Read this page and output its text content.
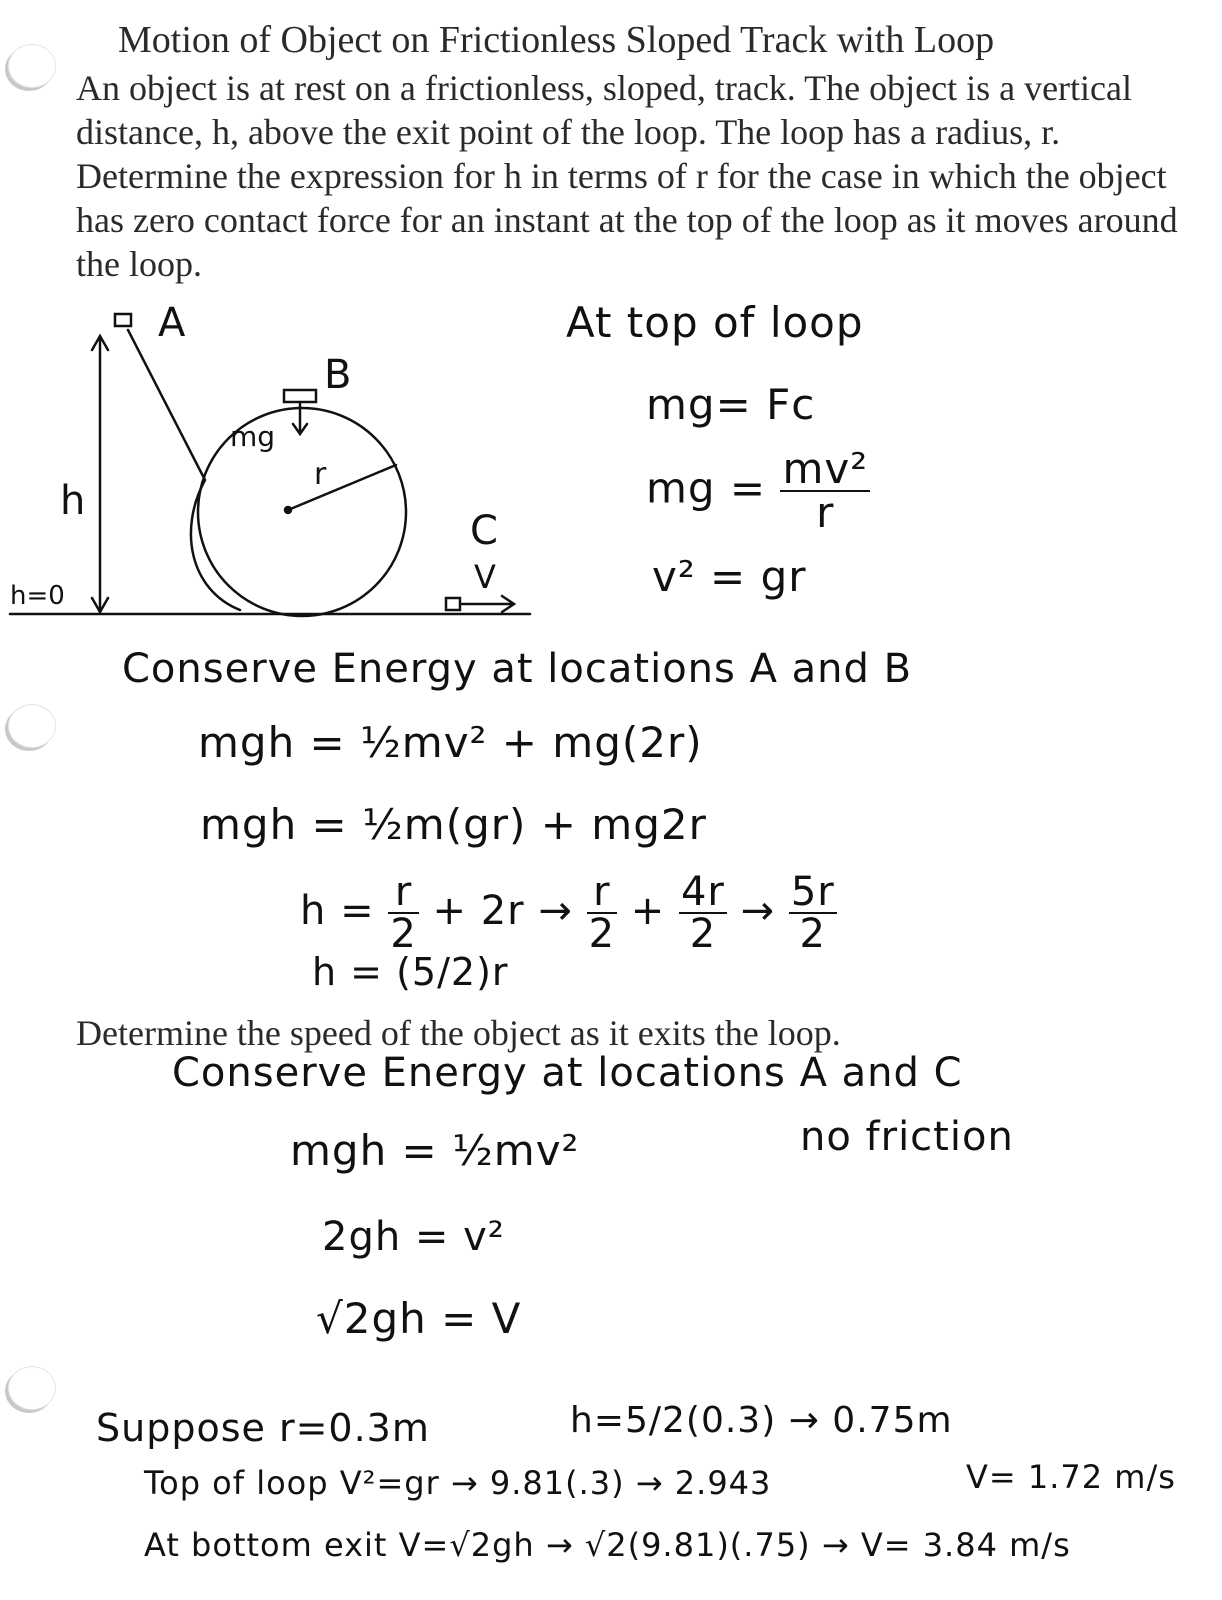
Motion of Object on Frictionless Sloped Track with Loop
An object is at rest on a frictionless, sloped, track. The object is a vertical distance, h, above the exit point of the loop. The loop has a radius, r. Determine the expression for h in terms of r for the case in which the object has zero contact force for an instant at the top of the loop as it moves around the loop.
A
B
C
h
h=0
mg
r
V
At top of loop
mg= Fc
mg = $\frac{\text{mv²}}{r}$
v² = gr
Conserve Energy at locations A and B
mgh = ½mv² + mg(2r)
mgh = ½m(gr) + mg2r
$h = \frac{r}{2} + 2r \to \frac{r}{2} + \frac{4r}{2} \to \frac{5r}{2}$
h = (5/2)r
Determine the speed of the object as it exits the loop.
Conserve Energy at locations A and C
mgh = ½mv²	no friction
2gh = v²
√2gh = V
Suppose r=0.3m	h=5/2(0.3) → 0.75m
Top of loop V²=gr → 9.81(.3) → 2.943	V= 1.72 m/s
At bottom exit V=√2gh → √2(9.81)(.75) → V= 3.84 m/s
